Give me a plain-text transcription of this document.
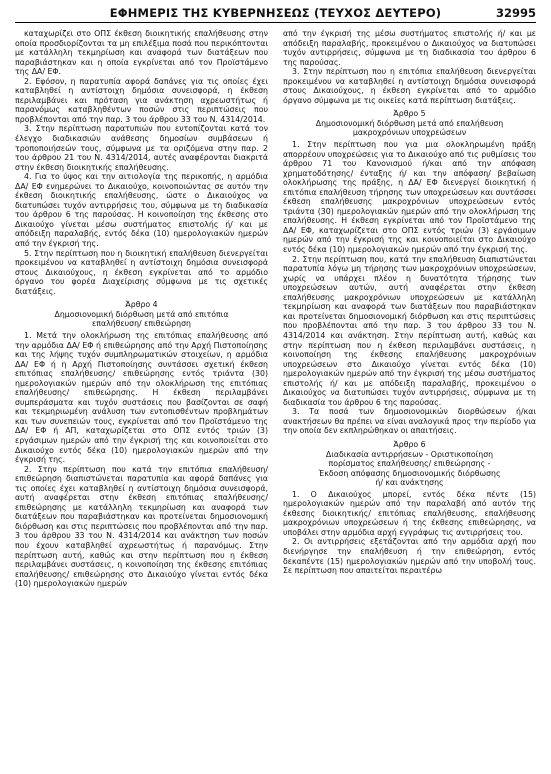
ΕΦΗΜΕΡΙΣ ΤΗΣ ΚΥΒΕΡΝΗΣΕΩΣ (ΤΕΥΧΟΣ ΔΕΥΤΕΡΟ)	32995

καταχωρίζει στο ΟΠΣ έκθεση διοικητικής επαλήθευσης στην οποία προσδιορίζονται τα μη επιλέξιμα ποσά που περικόπτονται με κατάλληλη τεκμηρίωση και αναφορά των διατάξεων που παραβιάστηκαν και η οποία εγκρίνεται από τον Προϊστάμενο της ΔΑ/ ΕΦ.

2. Εφόσον, η παρατυπία αφορά δαπάνες για τις οποίες έχει καταβληθεί η αντίστοιχη δημόσια συνεισφορά, η έκθεση περιλαμβάνει και πρόταση για ανάκτηση αχρεωστήτως ή παρανόμως καταβληθέντων ποσών στις περιπτώσεις που προβλέπονται από την παρ. 3 του άρθρου 33 του Ν. 4314/2014.

3. Στην περίπτωση παρατυπιών που εντοπίζονται κατά τον έλεγχο διαδικασιών ανάθεσης δημοσίων συμβάσεων ή τροποποιήσεών τους, σύμφωνα με τα οριζόμενα στην παρ. 2 του άρθρου 21 του Ν. 4314/2014, αυτές αναφέρονται διακριτά στην έκθεση διοικητικής επαλήθευσης.

4. Για το ύψος και την αιτιολογία της περικοπής, η αρμόδια ΔΑ/ ΕΦ ενημερώνει το Δικαιούχο, κοινοποιώντας σε αυτόν την έκθεση διοικητικής επαλήθευσης, ώστε ο Δικαιούχος να διατυπώσει τυχόν αντιρρήσεις του, σύμφωνα με τη διαδικασία του άρθρου 6 της παρούσας. Η κοινοποίηση της έκθεσης στο Δικαιούχο γίνεται μέσω συστήματος επιστολής ή/ και με απόδειξη παραλαβής, εντός δέκα (10) ημερολογιακών ημερών από την έγκρισή της.

5. Στην περίπτωση που η διοικητική επαλήθευση διενεργείται προκειμένου να καταβληθεί η αντίστοιχη δημόσια συνεισφορά στους Δικαιούχους, η έκθεση εγκρίνεται από το αρμόδιο όργανο του φορέα Διαχείρισης σύμφωνα με τις σχετικές διατάξεις.

Άρθρο 4
Δημοσιονομική διόρθωση μετά από επιτόπια
επαλήθευση/ επιθεώρηση

1. Μετά την ολοκλήρωση της επιτόπιας επαλήθευσης από την αρμόδια ΔΑ/ ΕΦ ή επιθεώρησης από την Αρχή Πιστοποίησης και της λήψης τυχόν συμπληρωματικών στοιχείων, η αρμόδια ΔΑ/ ΕΦ ή η Αρχή Πιστοποίησης συντάσσει σχετική έκθεση επιτόπιας επαλήθευσης/ επιθεώρησης εντός τριάντα (30) ημερολογιακών ημερών από την ολοκλήρωση της επιτόπιας επαλήθευσης/ επιθεώρησης. Η έκθεση περιλαμβάνει συμπεράσματα και τυχόν συστάσεις που βασίζονται σε σαφή και τεκμηριωμένη ανάλυση των εντοπισθέντων προβλημάτων και των συνεπειών τους, εγκρίνεται από τον Προϊστάμενο της ΔΑ/ ΕΦ ή ΑΠ, καταχωρίζεται στο ΟΠΣ εντός τριών (3) εργάσιμων ημερών από την έγκρισή της και κοινοποιείται στο Δικαιούχο εντός δέκα (10) ημερολογιακών ημερών από την έγκρισή της.

2. Στην περίπτωση που κατά την επιτόπια επαλήθευση/ επιθεώρηση διαπιστώνεται παρατυπία και αφορά δαπάνες για τις οποίες έχει καταβληθεί η αντίστοιχη δημόσια συνεισφορά, αυτή αναφέρεται στην έκθεση επιτόπιας επαλήθευσης/ επιθεώρησης με κατάλληλη τεκμηρίωση και αναφορά των διατάξεων που παραβιάστηκαν και προτείνεται δημοσιονομική διόρθωση και στις περιπτώσεις που προβλέπονται από την παρ. 3 του άρθρου 33 του Ν. 4314/2014 και ανάκτηση των ποσών που έχουν καταβληθεί αχρεωστήτως ή παρανόμως. Στην περίπτωση αυτή, καθώς και στην περίπτωση που η έκθεση περιλαμβάνει συστάσεις, η κοινοποίηση της έκθεσης επιτόπιας επαλήθευσης/ επιθεώρησης στο Δικαιούχο γίνεται εντός δέκα (10) ημερολογιακών ημερών

από την έγκρισή της μέσω συστήματος επιστολής ή/ και με απόδειξη παραλαβής, προκειμένου ο Δικαιούχος να διατυπώσει τυχόν αντιρρήσεις, σύμφωνα με τη διαδικασία του άρθρου 6 της παρούσας.

3. Στην περίπτωση που η επιτόπια επαλήθευση διενεργείται προκειμένου να καταβληθεί η αντίστοιχη δημόσια συνεισφορά στους Δικαιούχους, η έκθεση εγκρίνεται από το αρμόδιο όργανο σύμφωνα με τις οικείες κατά περίπτωση διατάξεις.

Άρθρο 5
Δημοσιονομική διόρθωση μετά από επαλήθευση
μακροχρόνιων υποχρεώσεων

1. Στην περίπτωση που για μια ολοκληρωμένη πράξη απορρέουν υποχρεώσεις για το Δικαιούχο από τις ρυθμίσεις του άρθρου 71 του Κανονισμού ή/και από την απόφαση χρηματοδότησης/ ένταξης ή/ και την απόφαση/ βεβαίωση ολοκλήρωσης της πράξης, η ΔΑ/ ΕΦ διενεργεί διοικητική ή επιτόπια επαλήθευση τήρησης των υποχρεώσεων και συντάσσει έκθεση επαλήθευσης μακροχρόνιων υποχρεώσεων εντός τριάντα (30) ημερολογιακών ημερών από την ολοκλήρωση της επαλήθευσης. Η έκθεση εγκρίνεται από τον Προϊστάμενο της ΔΑ/ ΕΦ, καταχωρίζεται στο ΟΠΣ εντός τριών (3) εργάσιμων ημερών από την έγκρισή της και κοινοποιείται στο Δικαιούχο εντός δέκα (10) ημερολογιακών ημερών από την έγκρισή της.

2. Στην περίπτωση που, κατά την επαλήθευση διαπιστώνεται παρατυπία λόγω μη τήρησης των μακροχρόνιων υποχρεώσεων, χωρίς να υπάρχει πλέον η δυνατότητα τήρησης των υποχρεώσεων αυτών, αυτή αναφέρεται στην έκθεση επαλήθευσης μακροχρόνιων υποχρεώσεων με κατάλληλη τεκμηρίωση και αναφορά των διατάξεων που παραβιάστηκαν και προτείνεται δημοσιονομική διόρθωση και στις περιπτώσεις που προβλέπονται από την παρ. 3 του άρθρου 33 του Ν. 4314/2014 και ανάκτηση. Στην περίπτωση αυτή, καθώς και στην περίπτωση που η έκθεση περιλαμβάνει συστάσεις, η κοινοποίηση της έκθεσης επαλήθευσης μακροχρόνιων υποχρεώσεων στο Δικαιούχο γίνεται εντός δέκα (10) ημερολογιακών ημερών από την έγκρισή της μέσω συστήματος επιστολής ή/ και με απόδειξη παραλαβής, προκειμένου ο Δικαιούχος να διατυπώσει τυχόν αντιρρήσεις, σύμφωνα με τη διαδικασία του άρθρου 6 της παρούσας.

3. Τα ποσά των δημοσιονομικών διορθώσεων ή/και ανακτήσεων θα πρέπει να είναι αναλογικά προς την περίοδο για την οποία δεν εκπληρώθηκαν οι απαιτήσεις.

Άρθρο 6
Διαδικασία αντιρρήσεων - Οριστικοποίηση
πορίσματος επαλήθευσης/ επιθεώρησης -
Έκδοση απόφασης δημοσιονομικής διόρθωσης
ή/ και ανάκτησης

1. Ο Δικαιούχος μπορεί, εντός δέκα πέντε (15) ημερολογιακών ημερών από την παραλαβή από αυτόν της έκθεσης διοικητικής/ επιτόπιας επαλήθευσης, επαλήθευσης μακροχρόνιων υποχρεώσεων ή της έκθεσης επιθεώρησης, να υποβάλει στην αρμόδια αρχή εγγράφως τις αντιρρήσεις του.

2. Οι αντιρρήσεις εξετάζονται από την αρμόδια αρχή που διενήργησε την επαλήθευση ή την επιθεώρηση, εντός δεκαπέντε (15) ημερολογιακών ημερών από την υποβολή τους. Σε περίπτωση που απαιτείται περαιτέρω
